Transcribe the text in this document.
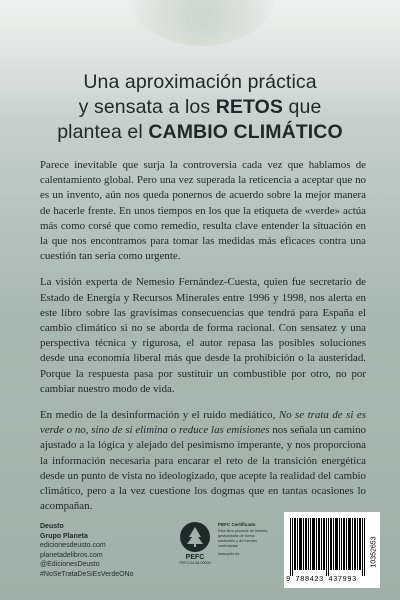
Una aproximación práctica
y sensata a los RETOS que
plantea el CAMBIO CLIMÁTICO

Parece inevitable que surja la controversia cada vez que hablamos de calentamiento global. Pero una vez superada la reticencia a aceptar que no es un invento, aún nos queda ponernos de acuerdo sobre la mejor manera de hacerle frente. En unos tiempos en los que la etiqueta de «verde» actúa más como corsé que como remedio, resulta clave entender la situación en la que nos encontramos para tomar las medidas más eficaces contra una cuestión tan seria como urgente.

La visión experta de Nemesio Fernández-Cuesta, quien fue secretario de Estado de Energía y Recursos Minerales entre 1996 y 1998, nos alerta en este libro sobre las gravísimas consecuencias que tendrá para España el cambio climático si no se aborda de forma racional. Con sensatez y una perspectiva técnica y rigurosa, el autor repasa las posibles soluciones desde una economía liberal más que desde la prohibición o la austeridad. Porque la respuesta pasa por sustituir un combustible por otro, no por cambiar nuestro modo de vida.

En medio de la desinformación y el ruido mediático, No se trata de si es verde o no, sino de si elimina o reduce las emisiones nos señala un camino ajustado a la lógica y alejado del pesimismo imperante, y nos proporciona la información necesaria para encarar el reto de la transición energética desde un punto de vista no ideologizado, que acepte la realidad del cambio climático, pero a la vez cuestione los dogmas que en tantas ocasiones lo acompañan.

Deusto
Grupo Planeta
edicionesdeusto.com
planetadelibros.com
@EdicionesDeusto
#NoSeTrataDeSiEsVerdeONo
PEFC
PEFC/14-38-00005
PEFC Certificado
Este libro procede de fuentes gestionadas de forma sostenible y de fuentes controladas
www.pefc.es
9 788423 437993
10352653
